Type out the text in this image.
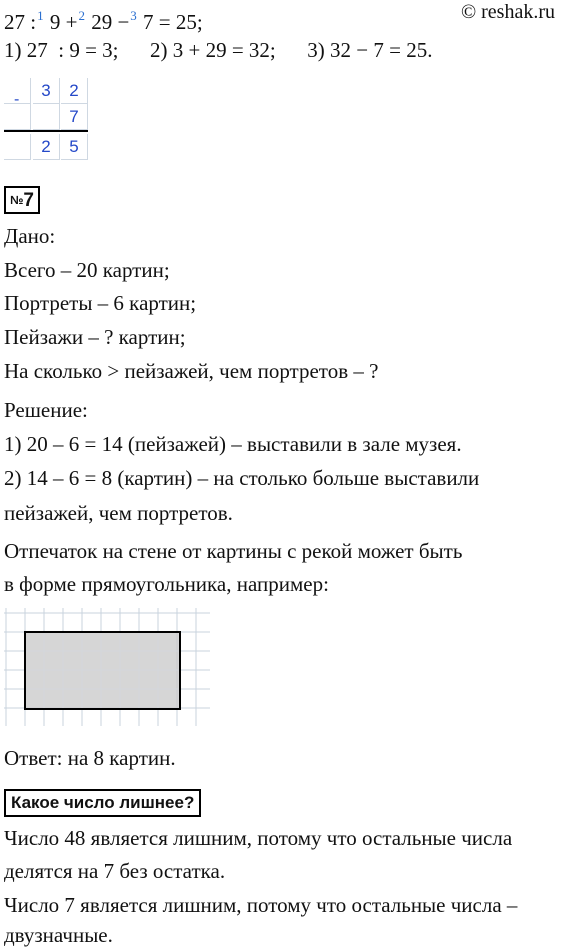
© reshak.ru
27 :$^1$ 9 +$^2$ 29 −$^3$ 7 = 25;
1) 27  : 9 = 3;      2) 3 + 29 = 32;      3) 32 − 7 = 25.
3	2
7
2	5
-
№7
Дано:
Всего – 20 картин;
Портреты – 6 картин;
Пейзажи – ? картин;
На сколько > пейзажей, чем портретов – ?
Решение:
1) 20 – 6 = 14 (пейзажей) – выставили в зале музея.
2) 14 – 6 = 8 (картин) – на столько больше выставили
пейзажей, чем портретов.
Отпечаток на стене от картины с рекой может быть
в форме прямоугольника, например:
Ответ: на 8 картин.
Какое число лишнее?
Число 48 является лишним, потому что остальные числа
делятся на 7 без остатка.
Число 7 является лишним, потому что остальные числа –
двузначные.
